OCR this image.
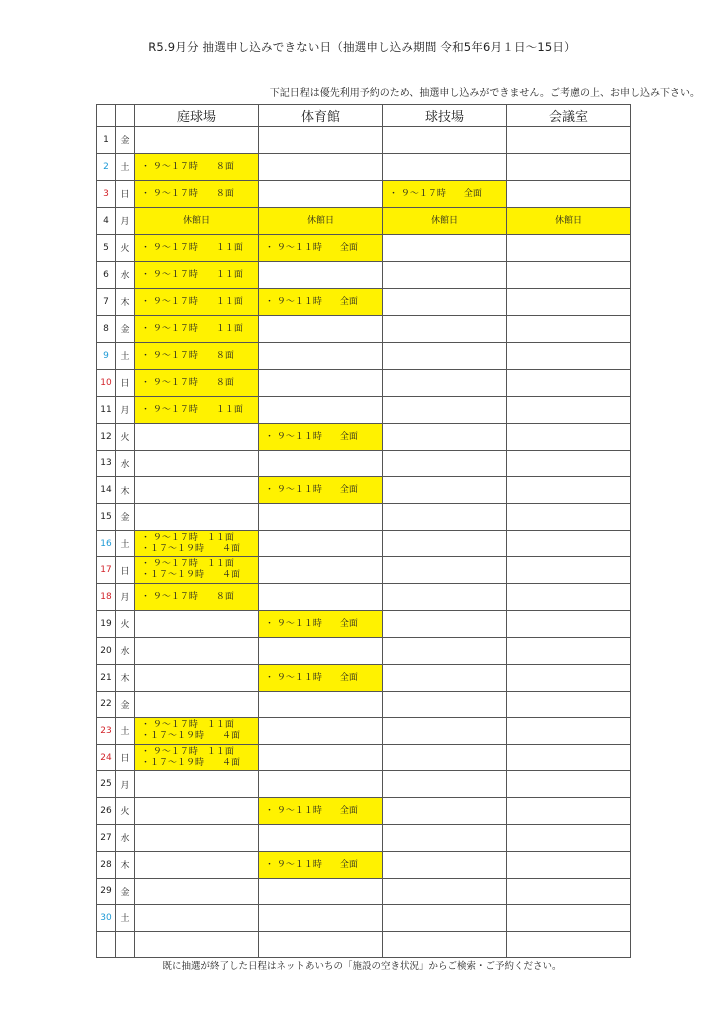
R5.9月分 抽選申し込みできない日（抽選申し込み期間 令和5年6月１日～15日）
下記日程は優先利用予約のため、抽選申し込みができません。ご考慮の上、お申し込み下さい。
		庭球場	体育館	球技場	会議室
1	金				
2	土	・ ９～１７時　　８面			

3	日	・ ９～１７時　　８面		・ ９～１７時　　全面	

4	月	休館日	休館日	休館日	休館日

5	火	・ ９～１７時　　１１面	・ ９～１１時　　全面		

6	水	・ ９～１７時　　１１面			

7	木	・ ９～１７時　　１１面	・ ９～１１時　　全面		

8	金	・ ９～１７時　　１１面			

9	土	・ ９～１７時　　８面			

10	日	・ ９～１７時　　８面			

11	月	・ ９～１７時　　１１面			

12	火		・ ９～１１時　　全面		

13	水				
14	木		・ ９～１１時　　全面		

15	金				
16	土	・ ９～１７時　１１面
・１７～１９時　　４面			

17	日	・ ９～１７時　１１面
・１７～１９時　　４面			

18	月	・ ９～１７時　　８面			

19	火		・ ９～１１時　　全面		

20	水				
21	木		・ ９～１１時　　全面		

22	金				
23	土	・ ９～１７時　１１面
・１７～１９時　　４面			

24	日	・ ９～１７時　１１面
・１７～１９時　　４面			

25	月				
26	火		・ ９～１１時　　全面		

27	水				
28	木		・ ９～１１時　　全面		

29	金				
30	土				

既に抽選が終了した日程はネットあいちの「施設の空き状況」からご検索・ご予約ください。
